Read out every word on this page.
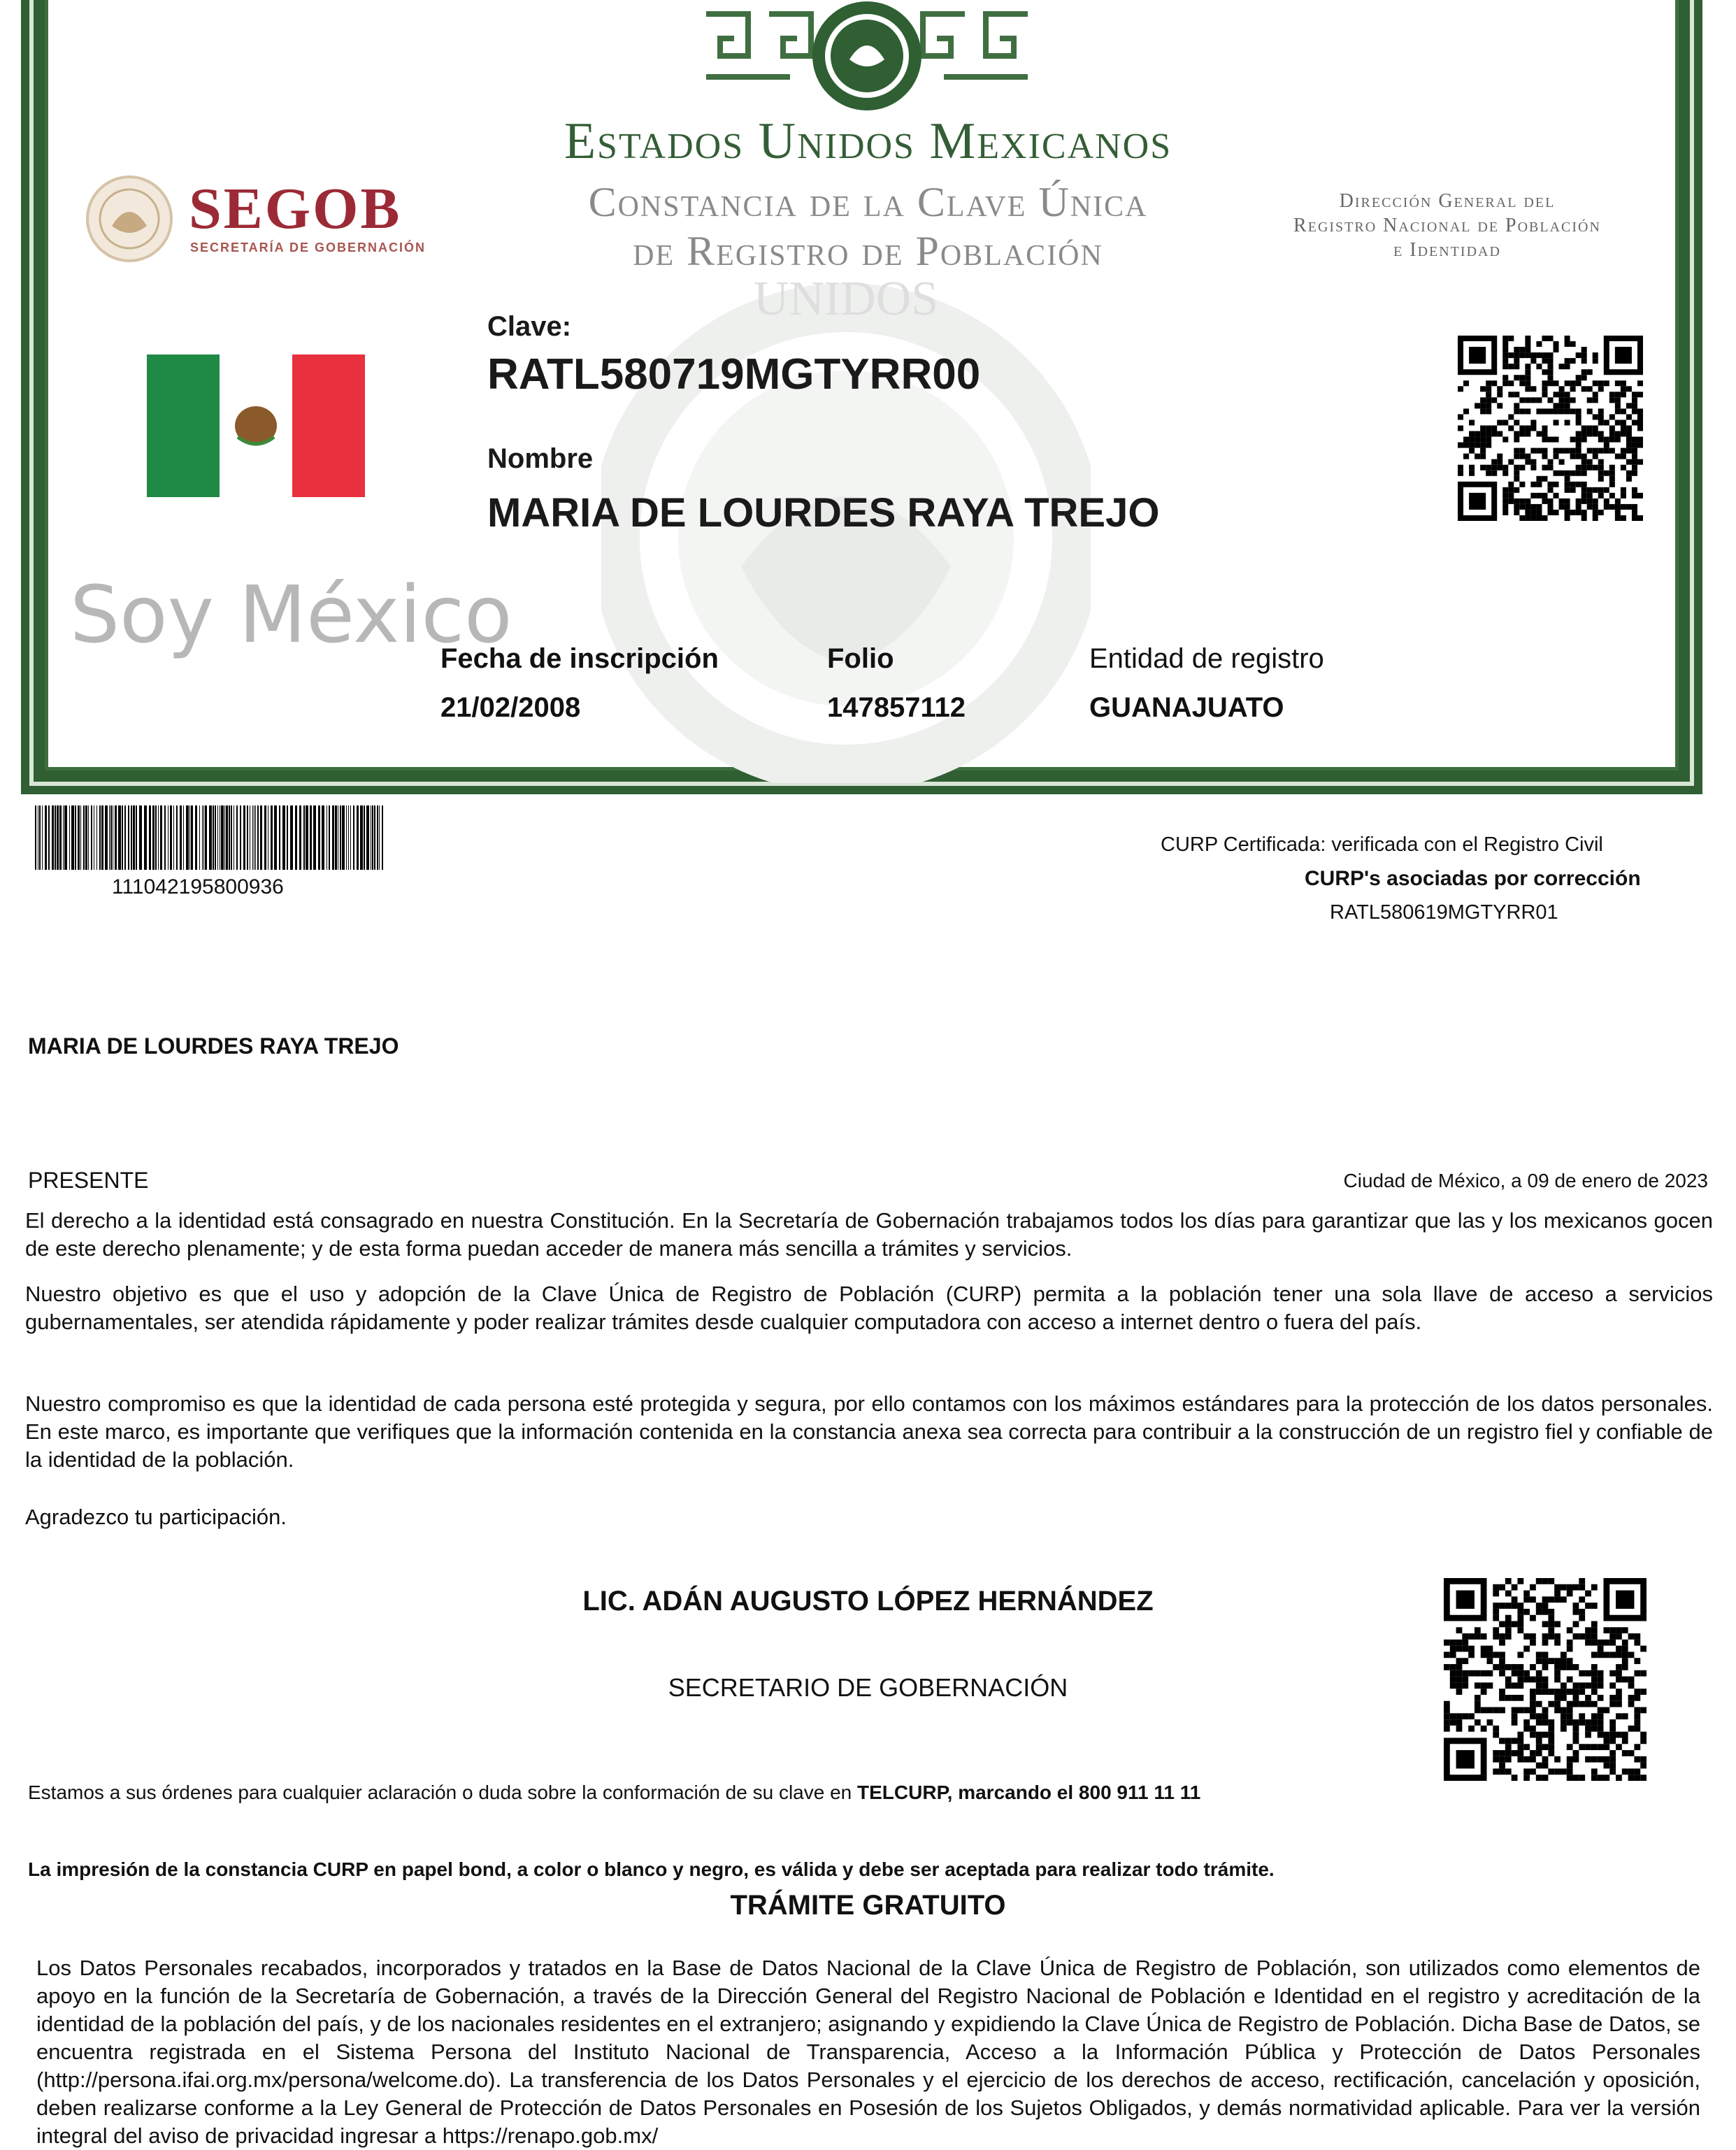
UNIDOS
Estados Unidos Mexicanos
Constancia de la Clave Única
de Registro de Población
Dirección General del
Registro Nacional de Población
e Identidad
SEGOB
SECRETARÍA DE GOBERNACIÓN
Soy México
Clave:
RATL580719MGTYRR00
Nombre
MARIA DE LOURDES RAYA TREJO
Fecha de inscripción
21/02/2008
Folio
147857112
Entidad de registro
GUANAJUATO
111042195800936
CURP Certificada: verificada con el Registro Civil
CURP's asociadas por corrección
RATL580619MGTYRR01
MARIA DE LOURDES RAYA TREJO
PRESENTE	Ciudad de México, a 09 de enero de 2023
El derecho a la identidad está consagrado en nuestra Constitución. En la Secretaría de Gobernación trabajamos todos los días para garantizar que las y los mexicanos gocen de este derecho plenamente; y de esta forma puedan acceder de manera más sencilla a trámites y servicios.
Nuestro objetivo es que el uso y adopción de la Clave Única de Registro de Población (CURP) permita a la población tener una sola llave de acceso a servicios gubernamentales, ser atendida rápidamente y poder realizar trámites desde cualquier computadora con acceso a internet dentro o fuera del país.
Nuestro compromiso es que la identidad de cada persona esté protegida y segura, por ello contamos con los máximos estándares para la protección de los datos personales. En este marco, es importante que verifiques que la información contenida en la constancia anexa sea correcta para contribuir a la construcción de un registro fiel y confiable de la identidad de la población.
Agradezco tu participación.
LIC. ADÁN AUGUSTO LÓPEZ HERNÁNDEZ
SECRETARIO DE GOBERNACIÓN
Estamos a sus órdenes para cualquier aclaración o duda sobre la conformación de su clave en TELCURP, marcando el 800 911 11 11
La impresión de la constancia CURP en papel bond, a color o blanco y negro, es válida y debe ser aceptada para realizar todo trámite.
TRÁMITE GRATUITO
Los Datos Personales recabados, incorporados y tratados en la Base de Datos Nacional de la Clave Única de Registro de Población, son utilizados como elementos de apoyo en la función de la Secretaría de Gobernación, a través de la Dirección General del Registro Nacional de Población e Identidad en el registro y acreditación de la identidad de la población del país, y de los nacionales residentes en el extranjero; asignando y expidiendo la Clave Única de Registro de Población. Dicha Base de Datos, se encuentra registrada en el Sistema Persona del Instituto Nacional de Transparencia, Acceso a la Información Pública y Protección de Datos Personales (http://persona.ifai.org.mx/persona/welcome.do). La transferencia de los Datos Personales y el ejercicio de los derechos de acceso, rectificación, cancelación y oposición, deben realizarse conforme a la Ley General de Protección de Datos Personales en Posesión de los Sujetos Obligados, y demás normatividad aplicable. Para ver la versión integral del aviso de privacidad ingresar a https://renapo.gob.mx/
